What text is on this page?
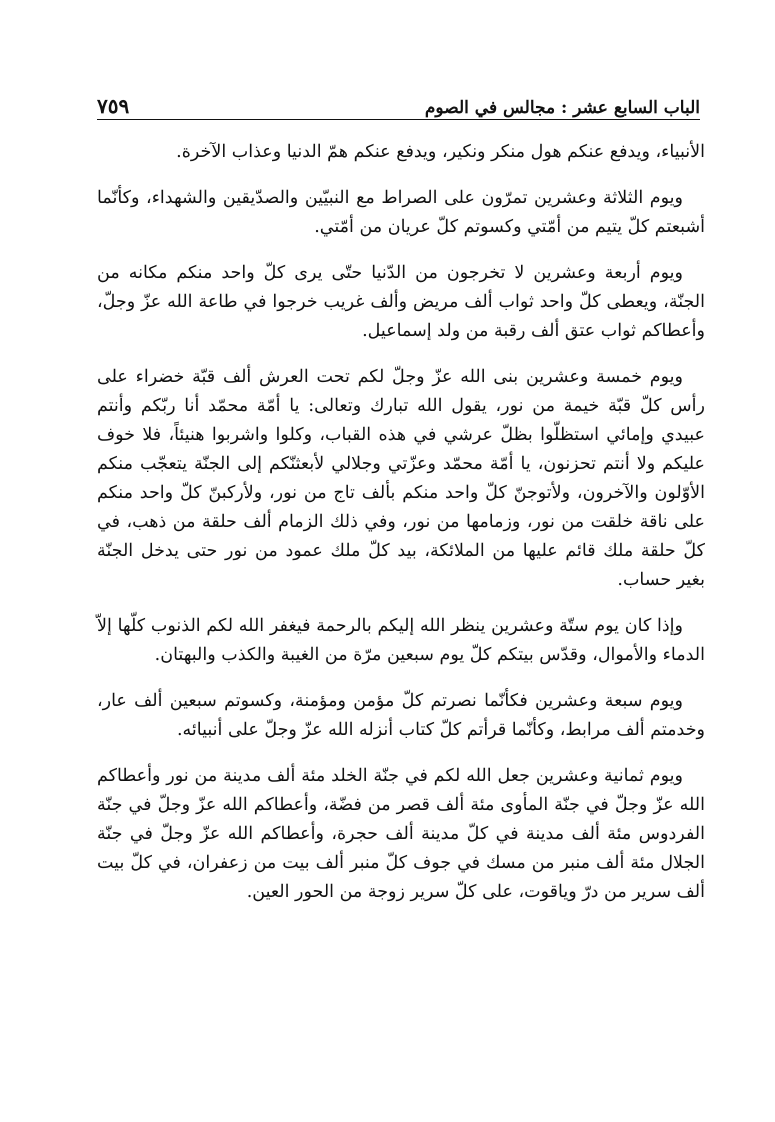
الباب السابع عشر : مجالس في الصوم
٧٥٩

الأنبياء، ويدفع عنكم هول منكر ونكير، ويدفع عنكم همّ الدنيا وعذاب الآخرة.

ويوم الثلاثة وعشرين تمرّون على الصراط مع النبيّين والصدّيقين والشهداء، وكأنّما أشبعتم كلّ يتيم من أمّتي وكسوتم كلّ عريان من أمّتي.

ويوم أربعة وعشرين لا تخرجون من الدّنيا حتّى يرى كلّ واحد منكم مكانه من الجنّة، ويعطى كلّ واحد ثواب ألف مريض وألف غريب خرجوا في طاعة الله عزّ وجلّ، وأعطاكم ثواب عتق ألف رقبة من ولد إسماعيل.

ويوم خمسة وعشرين بنى الله عزّ وجلّ لكم تحت العرش ألف قبّة خضراء على رأس كلّ قبّة خيمة من نور، يقول الله تبارك وتعالى: يا أمّة محمّد أنا ربّكم وأنتم عبيدي وإمائي استظلّوا بظلّ عرشي في هذه القباب، وكلوا واشربوا هنيئاً، فلا خوف عليكم ولا أنتم تحزنون، يا أمّة محمّد وعزّتي وجلالي لأبعثنّكم إلى الجنّة يتعجّب منكم الأوّلون والآخرون، ولأتوجنّ كلّ واحد منكم بألف تاج من نور، ولأركبنّ كلّ واحد منكم على ناقة خلقت من نور، وزمامها من نور، وفي ذلك الزمام ألف حلقة من ذهب، في كلّ حلقة ملك قائم عليها من الملائكة، بيد كلّ ملك عمود من نور حتى يدخل الجنّة بغير حساب.

وإذا كان يوم ستّة وعشرين ينظر الله إليكم بالرحمة فيغفر الله لكم الذنوب كلّها إلاّ الدماء والأموال، وقدّس بيتكم كلّ يوم سبعين مرّة من الغيبة والكذب والبهتان.

ويوم سبعة وعشرين فكأنّما نصرتم كلّ مؤمن ومؤمنة، وكسوتم سبعين ألف عار، وخدمتم ألف مرابط، وكأنّما قرأتم كلّ كتاب أنزله الله عزّ وجلّ على أنبيائه.

ويوم ثمانية وعشرين جعل الله لكم في جنّة الخلد مئة ألف مدينة من نور وأعطاكم الله عزّ وجلّ في جنّة المأوى مئة ألف قصر من فضّة، وأعطاكم الله عزّ وجلّ في جنّة الفردوس مئة ألف مدينة في كلّ مدينة ألف حجرة، وأعطاكم الله عزّ وجلّ في جنّة الجلال مئة ألف منبر من مسك في جوف كلّ منبر ألف بيت من زعفران، في كلّ بيت ألف سرير من درّ وياقوت، على كلّ سرير زوجة من الحور العين.
